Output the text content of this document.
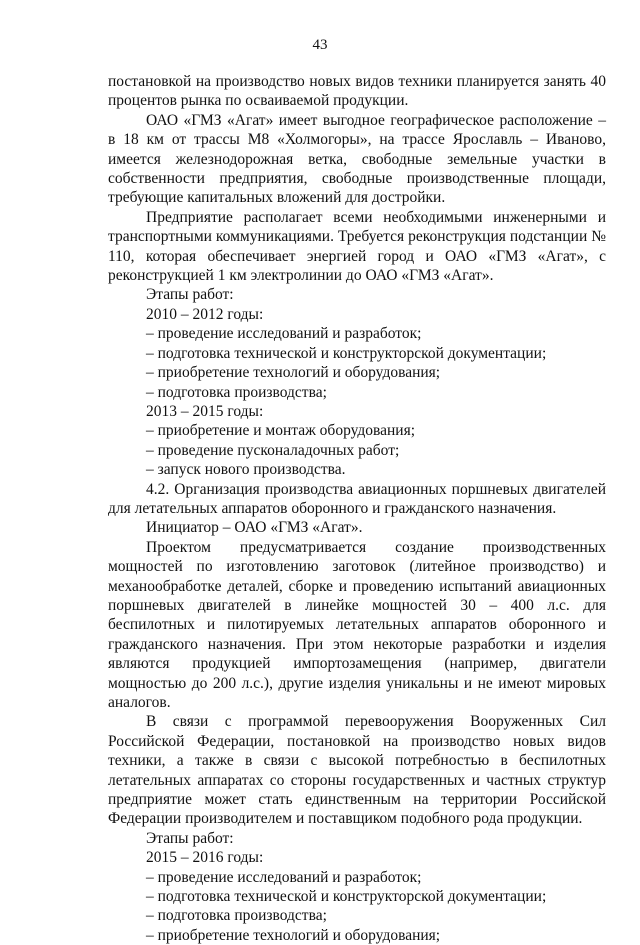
43

постановкой на производство новых видов техники планируется занять 40 процентов рынка по осваиваемой продукции.

ОАО «ГМЗ «Агат» имеет выгодное географическое расположение – в 18 км от трассы М8 «Холмогоры», на трассе Ярославль – Иваново, имеется железнодорожная ветка, свободные земельные участки в собственности предприятия, свободные производственные площади, требующие капитальных вложений для достройки.

Предприятие располагает всеми необходимыми инженерными и транспортными коммуникациями. Требуется реконструкция подстанции № 110, которая обеспечивает энергией город и ОАО «ГМЗ «Агат», с реконструкцией 1 км электролинии до ОАО «ГМЗ «Агат».

Этапы работ:

2010 – 2012 годы:

– проведение исследований и разработок;
– подготовка технической и конструкторской документации;
– приобретение технологий и оборудования;
– подготовка производства;

2013 – 2015 годы:

– приобретение и монтаж оборудования;
– проведение пусконаладочных работ;
– запуск нового производства.

4.2. Организация производства авиационных поршневых двигателей для летательных аппаратов оборонного и гражданского назначения.

Инициатор – ОАО «ГМЗ «Агат».

Проектом предусматривается создание производственных мощностей по изготовлению заготовок (литейное производство) и механообработке деталей, сборке и проведению испытаний авиационных поршневых двигателей в линейке мощностей 30 – 400 л.с. для беспилотных и пилотируемых летательных аппаратов оборонного и гражданского назначения. При этом некоторые разработки и изделия являются продукцией импортозамещения (например, двигатели мощностью до 200 л.с.), другие изделия уникальны и не имеют мировых аналогов.

В связи с программой перевооружения Вооруженных Сил Российской Федерации, постановкой на производство новых видов техники, а также в связи с высокой потребностью в беспилотных летательных аппаратах со стороны государственных и частных структур предприятие может стать единственным на территории Российской Федерации производителем и поставщиком подобного рода продукции.

Этапы работ:

2015 – 2016 годы:

– проведение исследований и разработок;
– подготовка технической и конструкторской документации;
– подготовка производства;
– приобретение технологий и оборудования;
